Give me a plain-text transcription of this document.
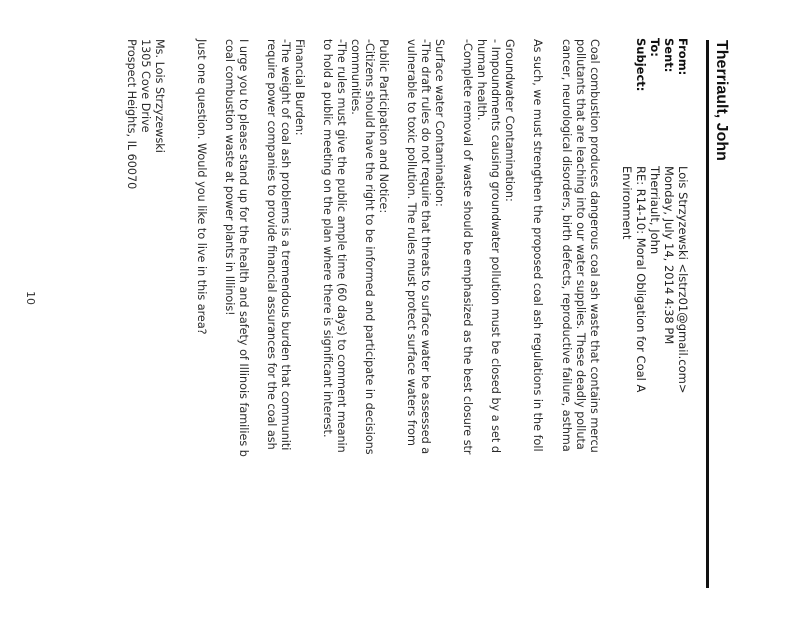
Therriault, John
From:
Lois Strzyzewski <lstrz01@gmail.com>
Sent:
Monday, July 14, 2014 4:38 PM
To:
Therriault, John
Subject:
RE: R14-10: Moral Obligation for Coal A
Environment
Coal combustion produces dangerous coal ash waste that contains mercu
pollutants that are leaching into our water supplies. These deadly polluta
cancer, neurological disorders, birth defects, reproductive failure, asthma
As such, we must strengthen the proposed coal ash regulations in the foll
Groundwater Contamination:
- Impoundments causing groundwater pollution must be closed by a set d
human health.
-Complete removal of waste should be emphasized as the best closure str
Surface water Contamination:
-The draft rules do not require that threats to surface water be assessed a
vulnerable to toxic pollution. The rules must protect surface waters from
Public Participation and Notice:
-Citizens should have the right to be informed and participate in decisions
communities.
-The rules must give the public ample time (60 days) to comment meanin
to hold a public meeting on the plan where there is significant interest.
Financial Burden:
-The weight of coal ash problems is a tremendous burden that communiti
require power companies to provide financial assurances for the coal ash
I urge you to please stand up for the health and safety of Illinois families b
coal combustion waste at power plants in Illinois!
Just one question. Would you like to live in this area?
Ms. Lois Strzyzewski
1305 Cove Drive
Prospect Heights, IL 60070
10
